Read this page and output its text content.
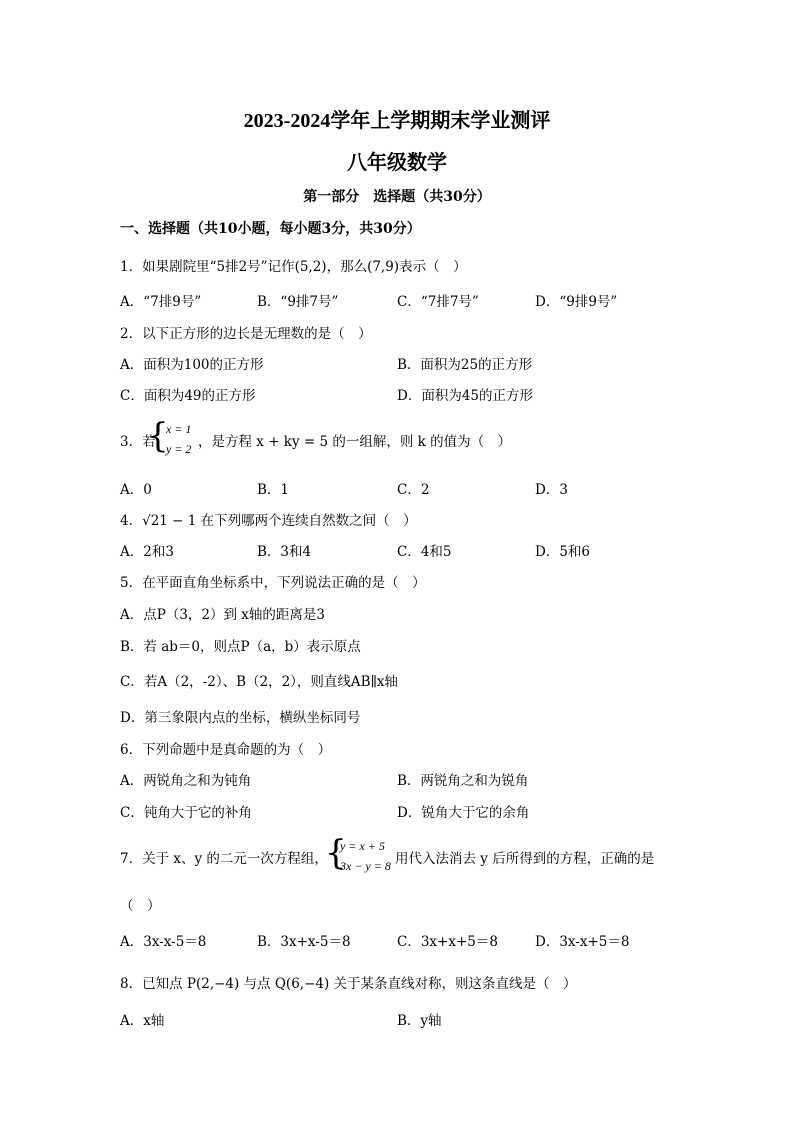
2023-2024学年上学期期末学业测评
八年级数学
第一部分　选择题（共30分）
一、选择题（共10小题，每小题3分，共30分）
1．如果剧院里“5排2号”记作(5,2)，那么(7,9)表示（　）
A．“7排9号”	B．“9排7号”	C．“7排7号”	D．“9排9号”
2．以下正方形的边长是无理数的是（　）
A．面积为100的正方形	B．面积为25的正方形
C．面积为49的正方形	D．面积为45的正方形
3．若
{
x = 1
y = 2 ，是方程 x + ky = 5 的一组解，则 k 的值为（　）
A．0	B．1	C．2	D．3
4．√21 − 1 在下列哪两个连续自然数之间（　）
A．2和3	B．3和4	C．4和5	D．5和6
5．在平面直角坐标系中，下列说法正确的是（　）
A．点P（3，2）到 x轴的距离是3
B．若 ab＝0，则点P（a，b）表示原点
C．若A（2，-2）、B（2，2），则直线AB∥x轴
D．第三象限内点的坐标，横纵坐标同号
6．下列命题中是真命题的为（　）
A．两锐角之和为钝角	B．两锐角之和为锐角
C．钝角大于它的补角	D．锐角大于它的余角
7．关于 x、y 的二元一次方程组，
{
y = x + 5
3x − y = 8 用代入法消去 y 后所得到的方程，正确的是
（　）
A．3x-x-5＝8	B．3x+x-5＝8	C．3x+x+5＝8	D．3x-x+5＝8
8．已知点 P(2,−4) 与点 Q(6,−4) 关于某条直线对称，则这条直线是（　）
A．x轴	B．y轴
